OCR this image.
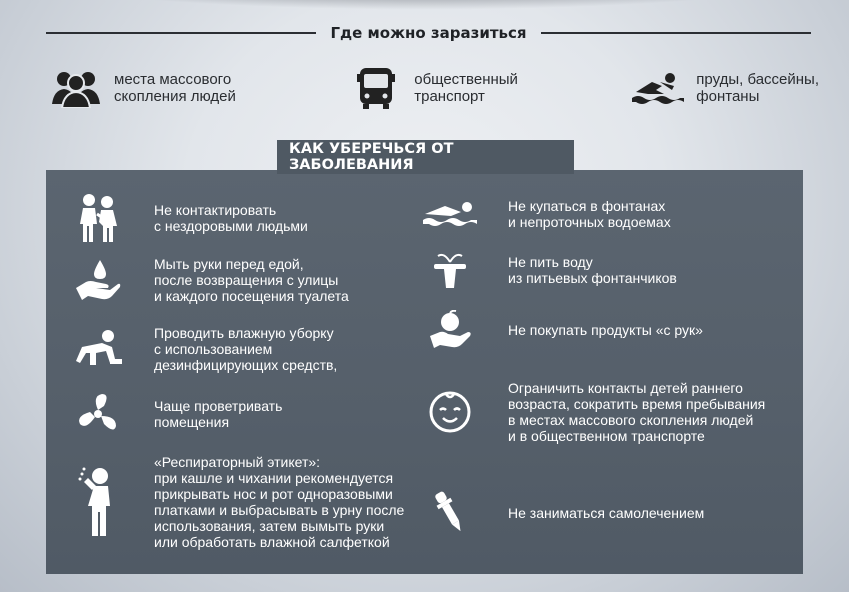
Где можно заразиться
места массового
скопления людей
общественный
транспорт
пруды, бассейны,
фонтаны
КАК УБЕРЕЧЬСЯ ОТ ЗАБОЛЕВАНИЯ
Не контактировать
с нездоровыми людьми
Мыть руки перед едой,
после возвращения с улицы
и каждого посещения туалета
Проводить влажную уборку
с использованием
дезинфицирующих средств,
Чаще проветривать
помещения
«Респираторный этикет»:
при кашле и чихании рекомендуется
прикрывать нос и рот одноразовыми
платками и выбрасывать в урну после
использования, затем вымыть руки
или обработать влажной салфеткой
Не купаться в фонтанах
и непроточных водоемах
Не пить воду
из питьевых фонтанчиков
Не покупать продукты «с рук»
Ограничить контакты детей раннего
возраста, сократить время пребывания
в местах массового скопления людей
и в общественном транспорте
Не заниматься самолечением
